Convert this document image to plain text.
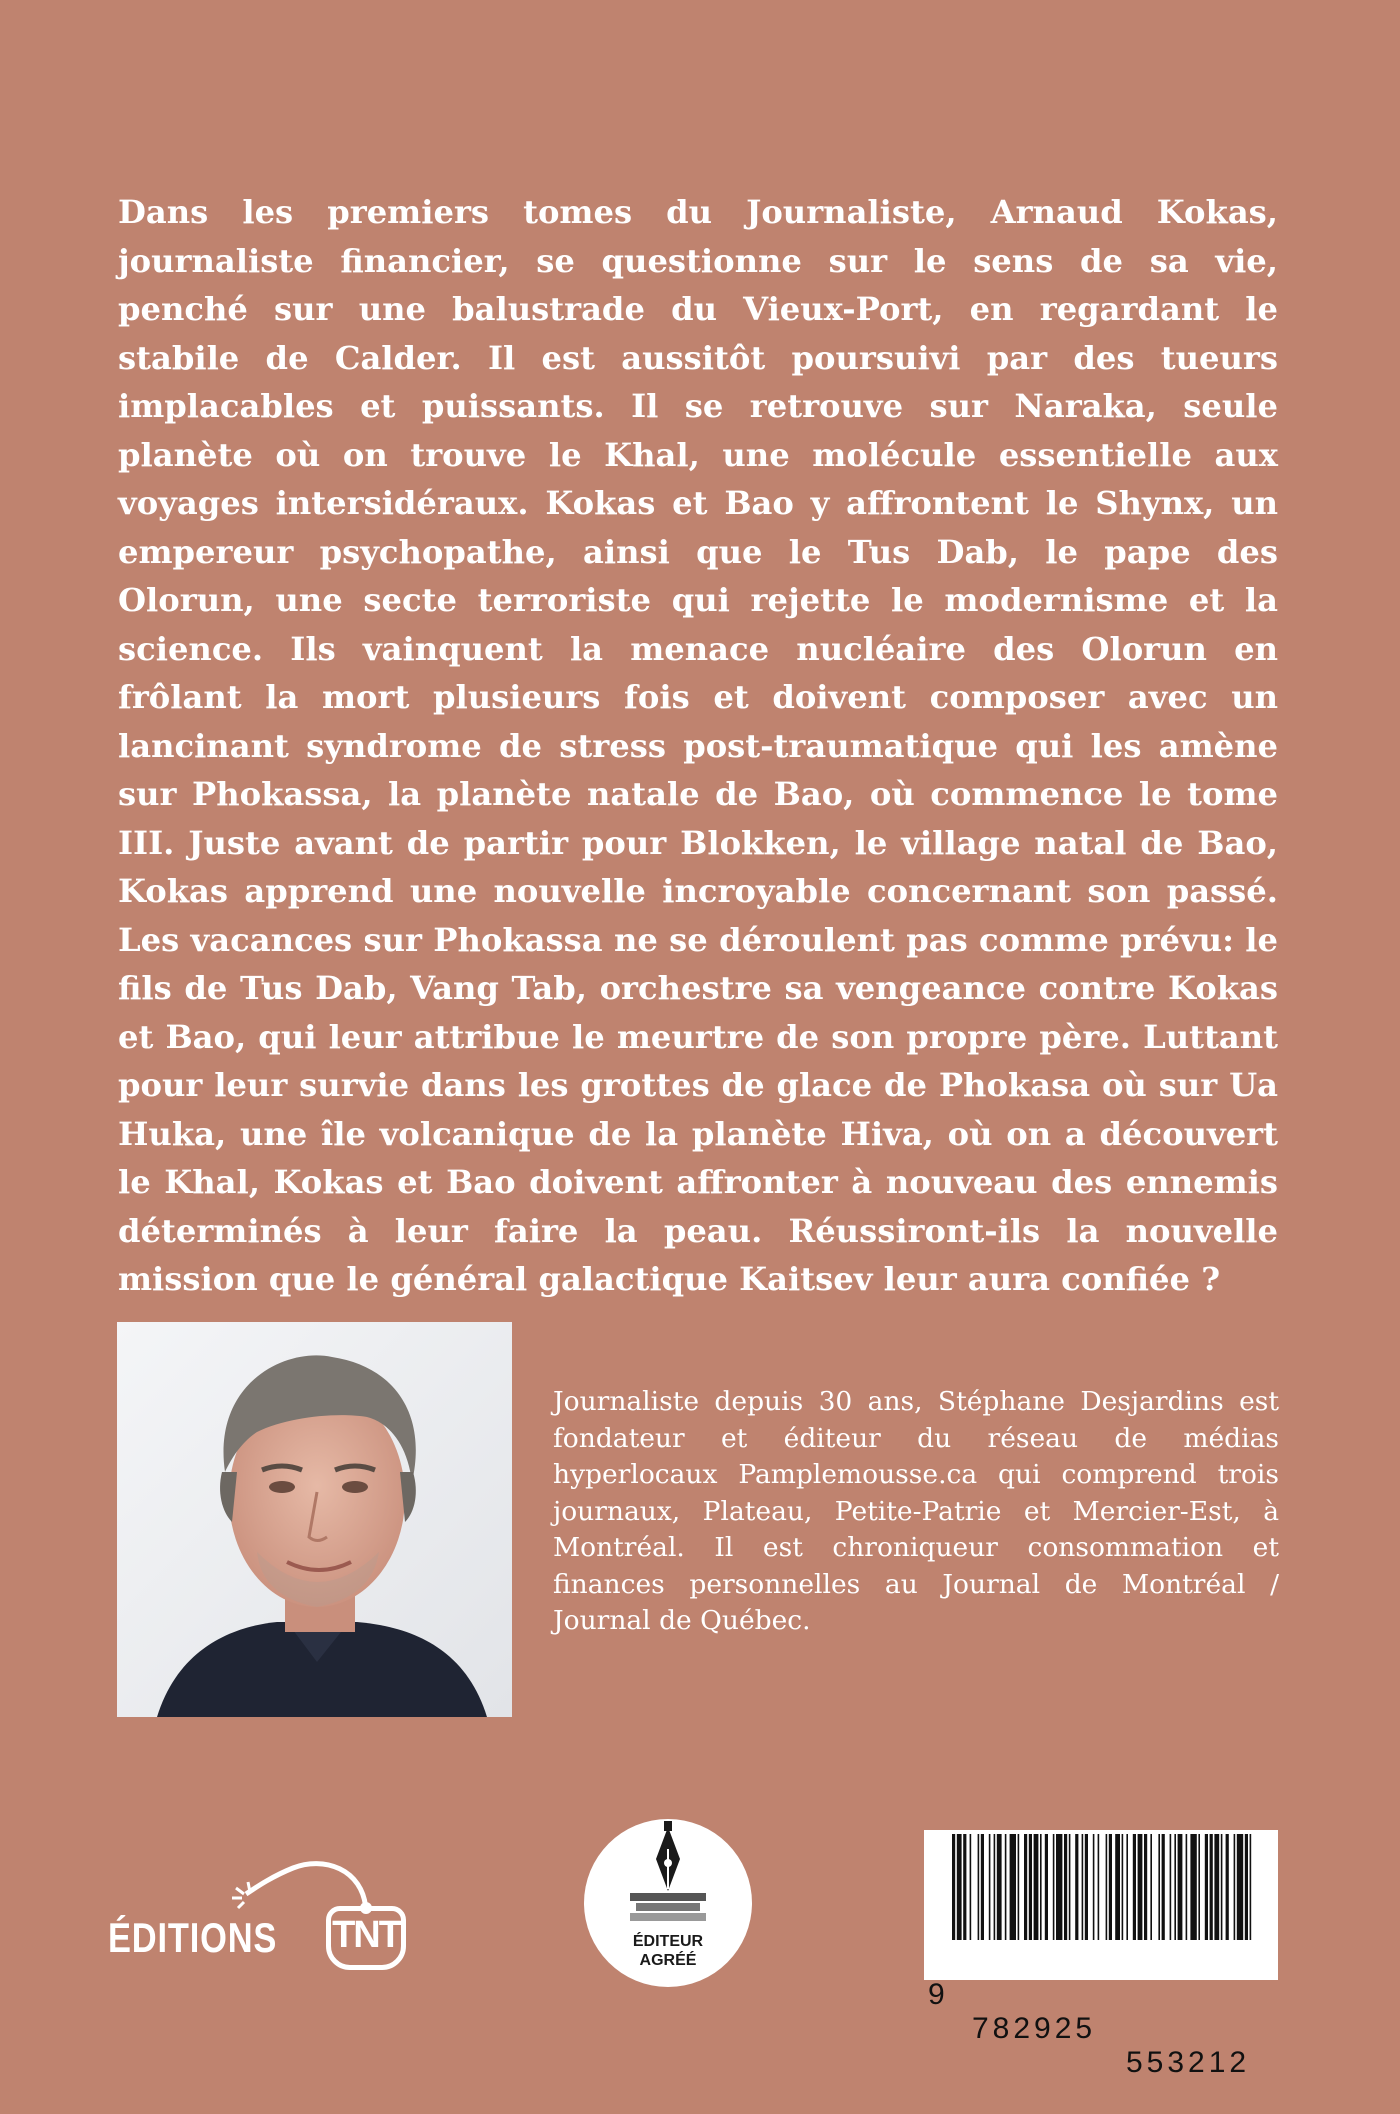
Dans les premiers tomes du Journaliste, Arnaud Kokas, journaliste financier, se questionne sur le sens de sa vie, penché sur une balustrade du Vieux-Port, en regardant le stabile de Calder. Il est aussitôt poursuivi par des tueurs implacables et puissants. Il se retrouve sur Naraka, seule planète où on trouve le Khal, une molécule essentielle aux voyages intersidéraux. Kokas et Bao y affrontent le Shynx, un empereur psychopathe, ainsi que le Tus Dab, le pape des Olorun, une secte terroriste qui rejette le modernisme et la science. Ils vainquent la menace nucléaire des Olorun en frôlant la mort plusieurs fois et doivent composer avec un lancinant syndrome de stress post-traumatique qui les amène sur Phokassa, la planète natale de Bao, où commence le tome III. Juste avant de partir pour Blokken, le village natal de Bao, Kokas apprend une nouvelle incroyable concernant son passé. Les vacances sur Phokassa ne se déroulent pas comme prévu: le fils de Tus Dab, Vang Tab, orchestre sa vengeance contre Kokas et Bao, qui leur attribue le meurtre de son propre père. Luttant pour leur survie dans les grottes de glace de Phokasa où sur Ua Huka, une île volcanique de la planète Hiva, où on a découvert le Khal, Kokas et Bao doivent affronter à nouveau des ennemis déterminés à leur faire la peau. Réussiront-ils la nouvelle mission que le général galactique Kaitsev leur aura confiée ?

Journaliste depuis 30 ans, Stéphane Desjardins est fondateur et éditeur du réseau de médias hyperlocaux Pamplemousse.ca qui comprend trois journaux, Plateau, Petite-Patrie et Mercier-Est, à Montréal. Il est chroniqueur consommation et finances personnelles au Journal de Montréal / Journal de Québec.

ÉDITIONS TNT	ÉDITEUR
AGRÉÉ

9

782925

553212
